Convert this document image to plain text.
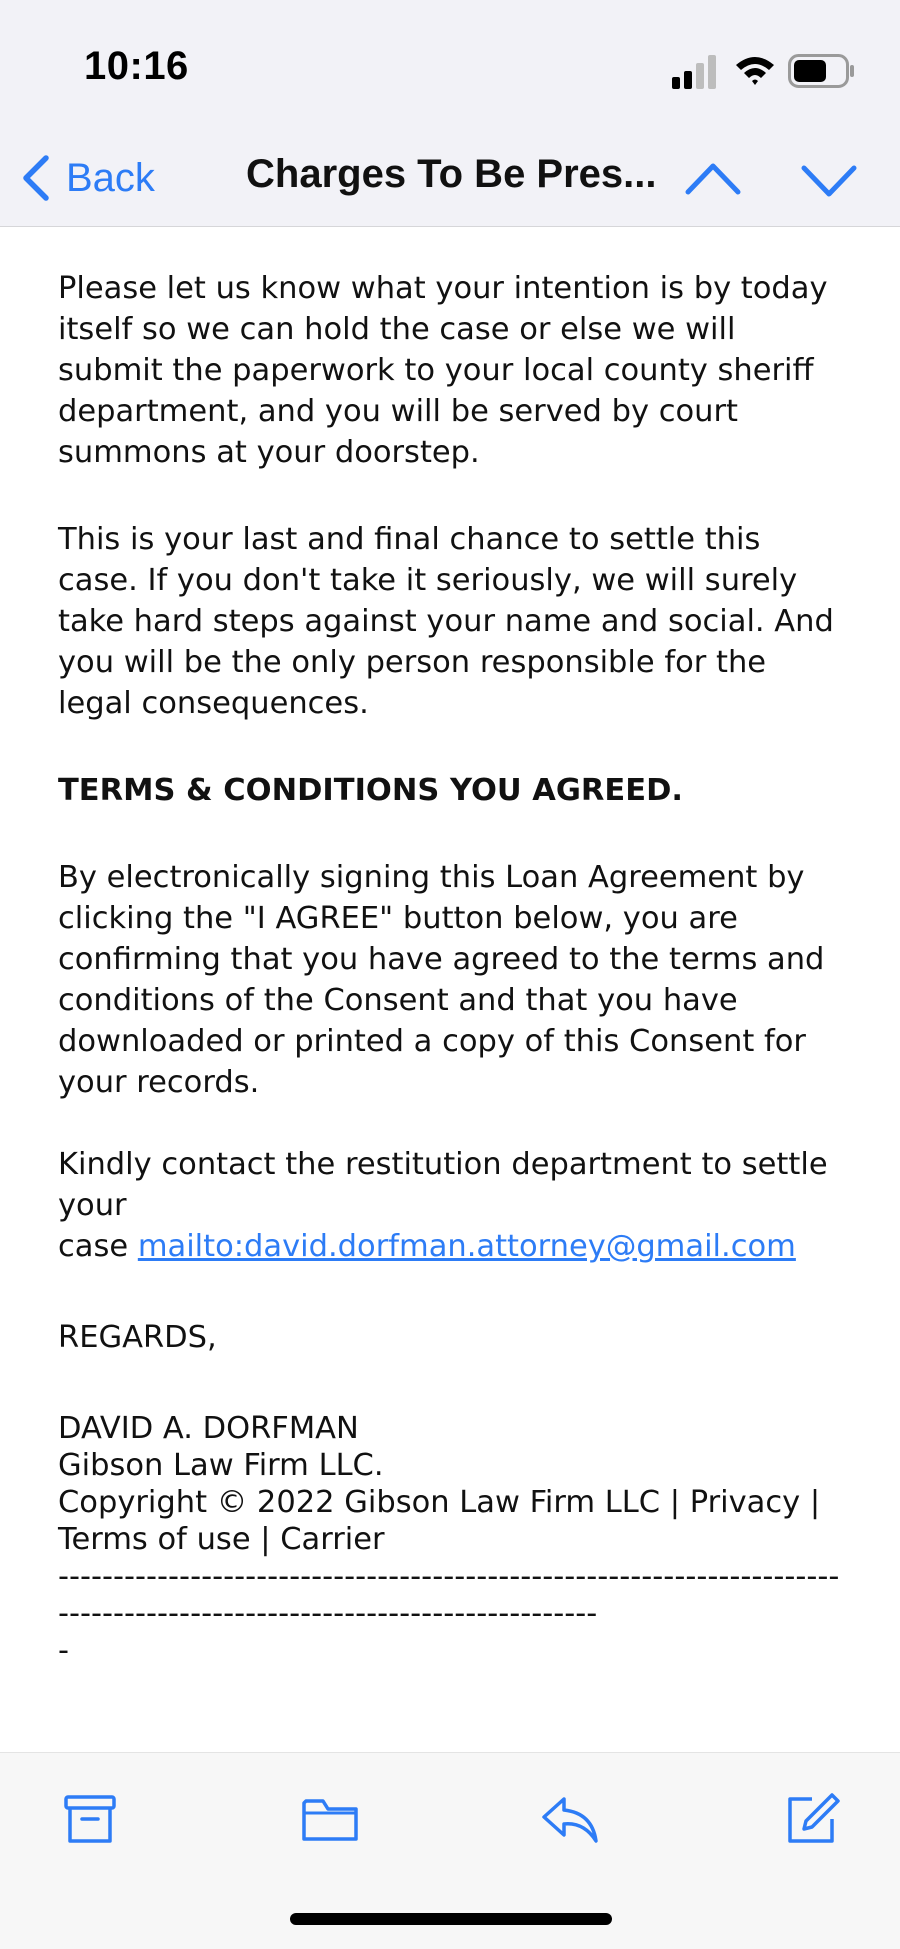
10:16
Back Charges To Be Pres...

Please let us know what your intention is by today itself so we can hold the case or else we will submit the paperwork to your local county sheriff department, and you will be served by court summons at your doorstep.

This is your last and final chance to settle this case. If you don't take it seriously, we will surely take hard steps against your name and social. And you will be the only person responsible for the legal consequences.

TERMS & CONDITIONS YOU AGREED.

By electronically signing this Loan Agreement by clicking the "I AGREE" button below, you are confirming that you have agreed to the terms and conditions of the Consent and that you have downloaded or printed a copy of this Consent for your records.

Kindly contact the restitution department to settle your
case mailto:david.dorfman.attorney@gmail.com

REGARDS,

DAVID A. DORFMAN
Gibson Law Firm LLC.
Copyright © 2022 Gibson Law Firm LLC | Privacy | Terms of use | Carrier
------------------------------------------------------------------------------------------------------------------------
-
